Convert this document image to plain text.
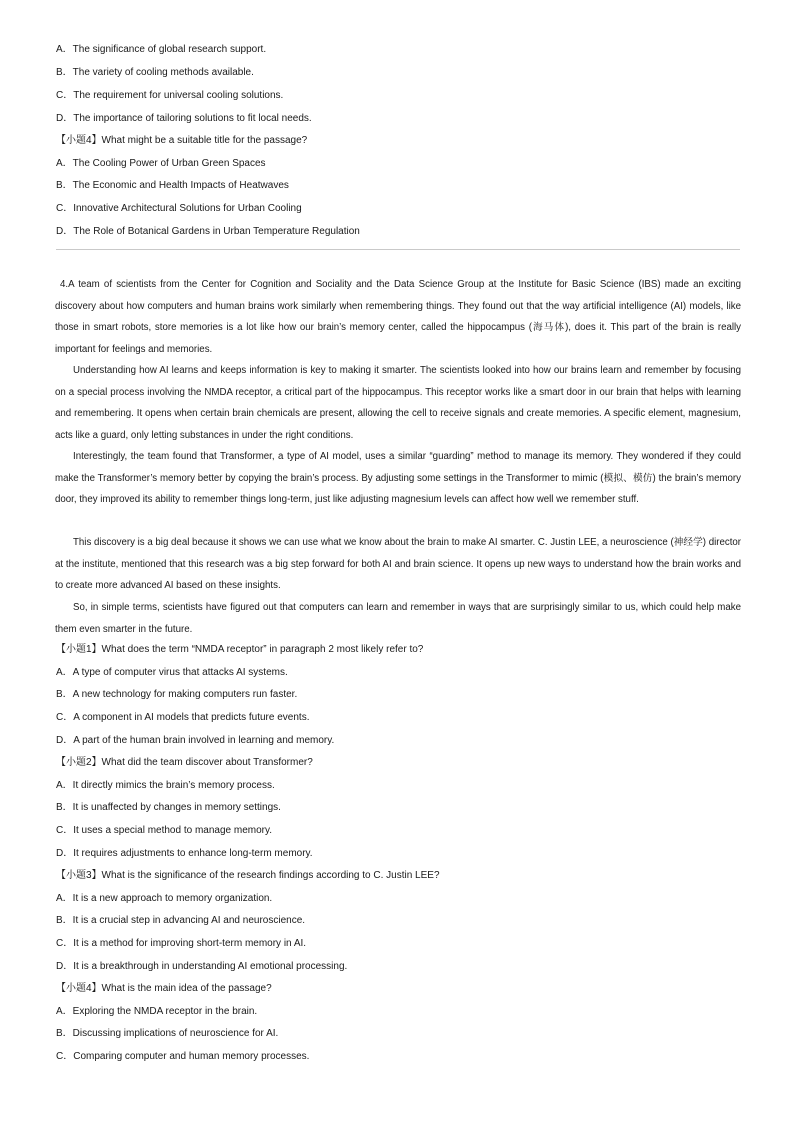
A．The significance of global research support.
B．The variety of cooling methods available.
C．The requirement for universal cooling solutions.
D．The importance of tailoring solutions to fit local needs.
【小题4】What might be a suitable title for the passage?
A．The Cooling Power of Urban Green Spaces
B．The Economic and Health Impacts of Heatwaves
C．Innovative Architectural Solutions for Urban Cooling
D．The Role of Botanical Gardens in Urban Temperature Regulation
4.A team of scientists from the Center for Cognition and Sociality and the Data Science Group at the Institute for Basic Science (IBS) made an exciting discovery about how computers and human brains work similarly when remembering things. They found out that the way artificial intelligence (AI) models, like those in smart robots, store memories is a lot like how our brain’s memory center, called the hippocampus (海马体), does it. This part of the brain is really important for feelings and memories.
Understanding how AI learns and keeps information is key to making it smarter. The scientists looked into how our brains learn and remember by focusing on a special process involving the NMDA receptor, a critical part of the hippocampus. This receptor works like a smart door in our brain that helps with learning and remembering. It opens when certain brain chemicals are present, allowing the cell to receive signals and create memories. A specific element, magnesium, acts like a guard, only letting substances in under the right conditions.
Interestingly, the team found that Transformer, a type of AI model, uses a similar “guarding” method to manage its memory. They wondered if they could make the Transformer’s memory better by copying the brain’s process. By adjusting some settings in the Transformer to mimic (模拟、模仿) the brain’s memory door, they improved its ability to remember things long-term, just like adjusting magnesium levels can affect how well we remember stuff.
This discovery is a big deal because it shows we can use what we know about the brain to make AI smarter. C. Justin LEE, a neuroscience (神经学) director at the institute, mentioned that this research was a big step forward for both AI and brain science. It opens up new ways to understand how the brain works and to create more advanced AI based on these insights.
So, in simple terms, scientists have figured out that computers can learn and remember in ways that are surprisingly similar to us, which could help make them even smarter in the future.
【小题1】What does the term “NMDA receptor” in paragraph 2 most likely refer to?
A．A type of computer virus that attacks AI systems.
B．A new technology for making computers run faster.
C．A component in AI models that predicts future events.
D．A part of the human brain involved in learning and memory.
【小题2】What did the team discover about Transformer?
A．It directly mimics the brain’s memory process.
B．It is unaffected by changes in memory settings.
C．It uses a special method to manage memory.
D．It requires adjustments to enhance long-term memory.
【小题3】What is the significance of the research findings according to C. Justin LEE?
A．It is a new approach to memory organization.
B．It is a crucial step in advancing AI and neuroscience.
C．It is a method for improving short-term memory in AI.
D．It is a breakthrough in understanding AI emotional processing.
【小题4】What is the main idea of the passage?
A．Exploring the NMDA receptor in the brain.
B．Discussing implications of neuroscience for AI.
C．Comparing computer and human memory processes.
